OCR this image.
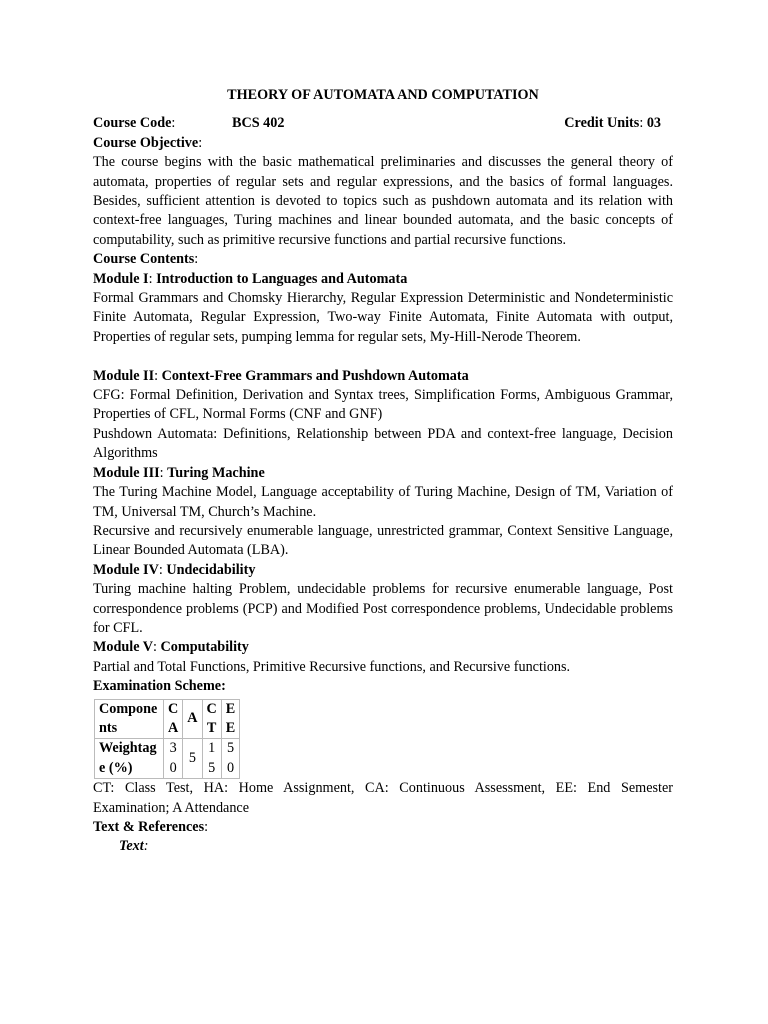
THEORY OF AUTOMATA AND COMPUTATION
Course Code:	BCS 402	Credit Units: 03
Course Objective:

The course begins with the basic mathematical preliminaries and discusses the general theory of automata, properties of regular sets and regular expressions, and the basics of formal languages. Besides, sufficient attention is devoted to topics such as pushdown automata and its relation with context-free languages, Turing machines and linear bounded automata, and the basic concepts of computability, such as primitive recursive functions and partial recursive functions.

Course Contents:
Module I: Introduction to Languages and Automata

Formal Grammars and Chomsky Hierarchy, Regular Expression Deterministic and Nondeterministic Finite Automata, Regular Expression, Two-way Finite Automata, Finite Automata with output, Properties of regular sets, pumping lemma for regular sets, My-Hill-Nerode Theorem.

Module II: Context-Free Grammars and Pushdown Automata

CFG: Formal Definition, Derivation and Syntax trees, Simplification Forms, Ambiguous Grammar, Properties of CFL, Normal Forms (CNF and GNF)

Pushdown Automata: Definitions, Relationship between PDA and context-free language, Decision Algorithms

Module III: Turing Machine

The Turing Machine Model, Language acceptability of Turing Machine, Design of TM, Variation of TM, Universal TM, Church’s Machine.

Recursive and recursively enumerable language, unrestricted grammar, Context Sensitive Language, Linear Bounded Automata (LBA).

Module IV: Undecidability

Turing machine halting Problem, undecidable problems for recursive enumerable language, Post correspondence problems (PCP) and Modified Post correspondence problems, Undecidable problems for CFL.

Module V: Computability

Partial and Total Functions, Primitive Recursive functions, and Recursive functions.

Examination Scheme:
Components	CA	A	CT	EE
Weightage (%)	30	5	15	50

CT: Class Test, HA: Home Assignment, CA: Continuous Assessment, EE: End Semester Examination; A Attendance

Text & References:
Text:
